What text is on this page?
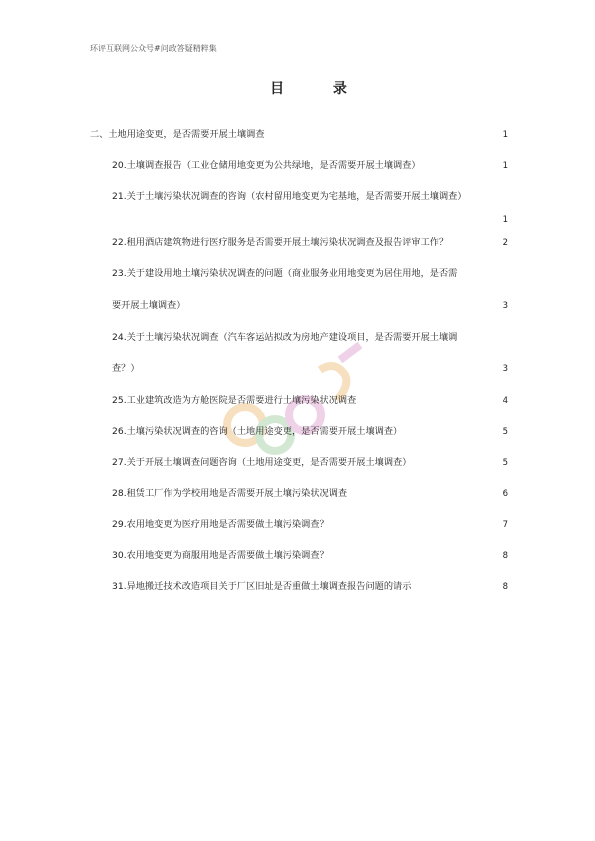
环评互联网公众号#问政答疑精粹集
目 录
二、土地用途变更，是否需要开展土壤调查	1
20.土壤调查报告（工业仓储用地变更为公共绿地，是否需要开展土壤调查）	1
21.关于土壤污染状况调查的咨询（农村留用地变更为宅基地，是否需要开展土壤调查）
1
22.租用酒店建筑物进行医疗服务是否需要开展土壤污染状况调查及报告评审工作？	2
23.关于建设用地土壤污染状况调查的问题（商业服务业用地变更为居住用地，是否需
要开展土壤调查）	3
24.关于土壤污染状况调查（汽车客运站拟改为房地产建设项目，是否需要开展土壤调
查？）	3
25.工业建筑改造为方舱医院是否需要进行土壤污染状况调查	4
26.土壤污染状况调查的咨询（土地用途变更，是否需要开展土壤调查）	5
27.关于开展土壤调查问题咨询（土地用途变更，是否需要开展土壤调查）	5
28.租赁工厂作为学校用地是否需要开展土壤污染状况调查	6
29.农用地变更为医疗用地是否需要做土壤污染调查？	7
30.农用地变更为商服用地是否需要做土壤污染调查？	8
31.异地搬迁技术改造项目关于厂区旧址是否重做土壤调查报告问题的请示	8
